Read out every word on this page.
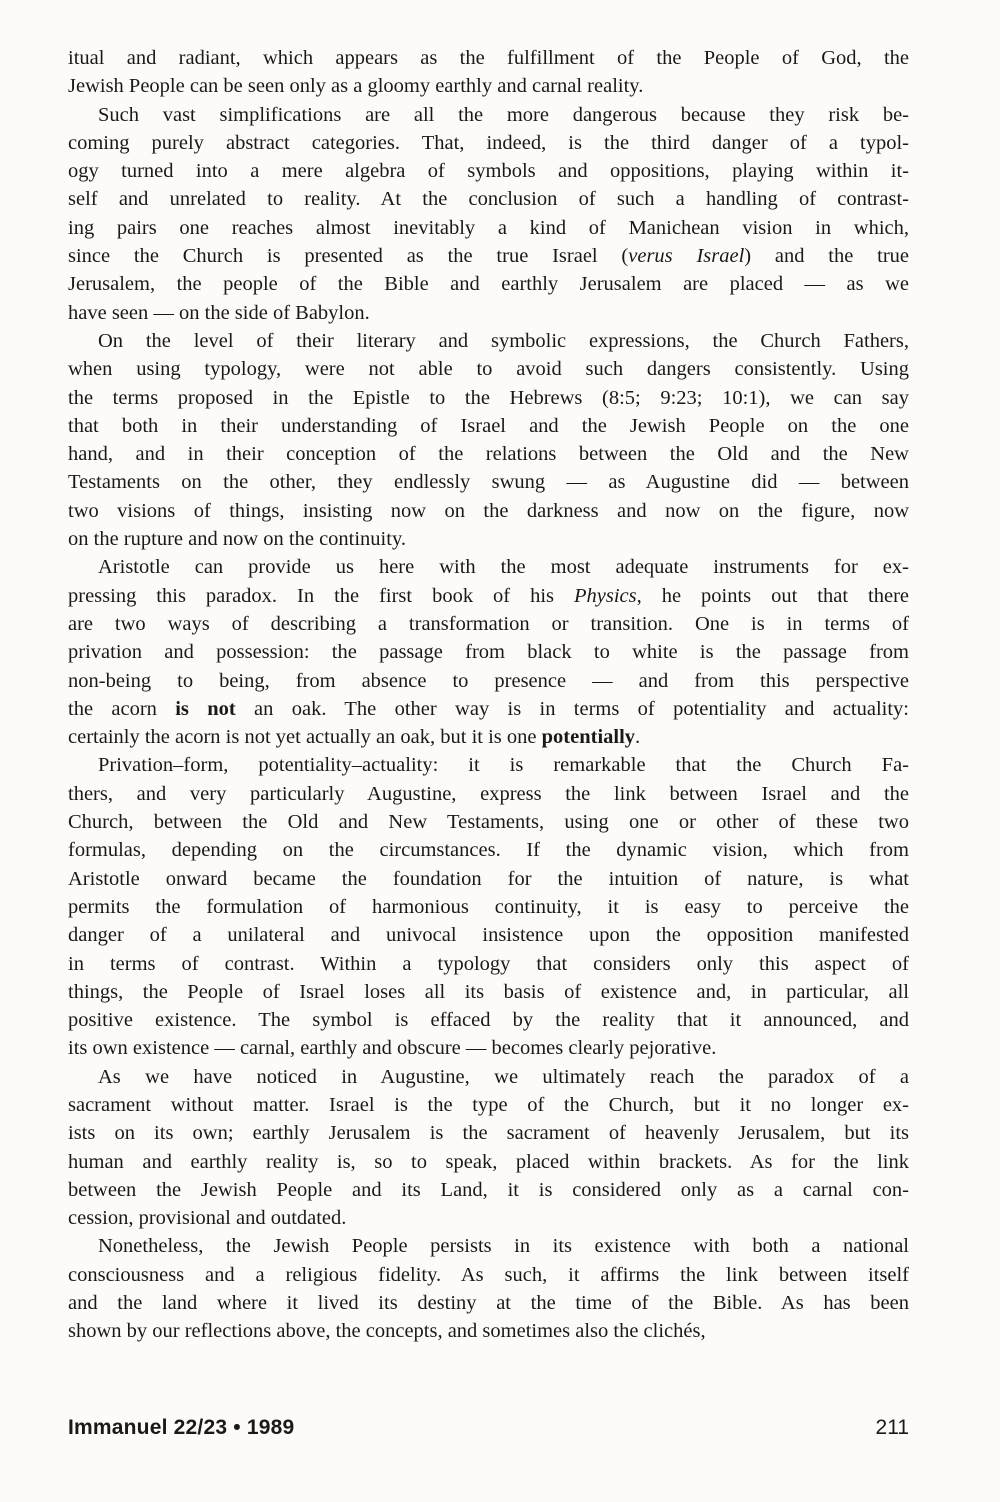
itual and radiant, which appears as the fulfillment of the People of God, the
Jewish People can be seen only as a gloomy earthly and carnal reality.
Such vast simplifications are all the more dangerous because they risk be-
coming purely abstract categories. That, indeed, is the third danger of a typol-
ogy turned into a mere algebra of symbols and oppositions, playing within it-
self and unrelated to reality. At the conclusion of such a handling of contrast-
ing pairs one reaches almost inevitably a kind of Manichean vision in which,
since the Church is presented as the true Israel (verus Israel) and the true
Jerusalem, the people of the Bible and earthly Jerusalem are placed — as we
have seen — on the side of Babylon.
On the level of their literary and symbolic expressions, the Church Fathers,
when using typology, were not able to avoid such dangers consistently. Using
the terms proposed in the Epistle to the Hebrews (8:5; 9:23; 10:1), we can say
that both in their understanding of Israel and the Jewish People on the one
hand, and in their conception of the relations between the Old and the New
Testaments on the other, they endlessly swung — as Augustine did — between
two visions of things, insisting now on the darkness and now on the figure, now
on the rupture and now on the continuity.
Aristotle can provide us here with the most adequate instruments for ex-
pressing this paradox. In the first book of his Physics, he points out that there
are two ways of describing a transformation or transition. One is in terms of
privation and possession: the passage from black to white is the passage from
non-being to being, from absence to presence — and from this perspective
the acorn is not an oak. The other way is in terms of potentiality and actuality:
certainly the acorn is not yet actually an oak, but it is one potentially.
Privation–form, potentiality–actuality: it is remarkable that the Church Fa-
thers, and very particularly Augustine, express the link between Israel and the
Church, between the Old and New Testaments, using one or other of these two
formulas, depending on the circumstances. If the dynamic vision, which from
Aristotle onward became the foundation for the intuition of nature, is what
permits the formulation of harmonious continuity, it is easy to perceive the
danger of a unilateral and univocal insistence upon the opposition manifested
in terms of contrast. Within a typology that considers only this aspect of
things, the People of Israel loses all its basis of existence and, in particular, all
positive existence. The symbol is effaced by the reality that it announced, and
its own existence — carnal, earthly and obscure — becomes clearly pejorative.
As we have noticed in Augustine, we ultimately reach the paradox of a
sacrament without matter. Israel is the type of the Church, but it no longer ex-
ists on its own; earthly Jerusalem is the sacrament of heavenly Jerusalem, but its
human and earthly reality is, so to speak, placed within brackets. As for the link
between the Jewish People and its Land, it is considered only as a carnal con-
cession, provisional and outdated.
Nonetheless, the Jewish People persists in its existence with both a national
consciousness and a religious fidelity. As such, it affirms the link between itself
and the land where it lived its destiny at the time of the Bible. As has been
shown by our reflections above, the concepts, and sometimes also the clichés,
Immanuel 22/23 • 1989	211
